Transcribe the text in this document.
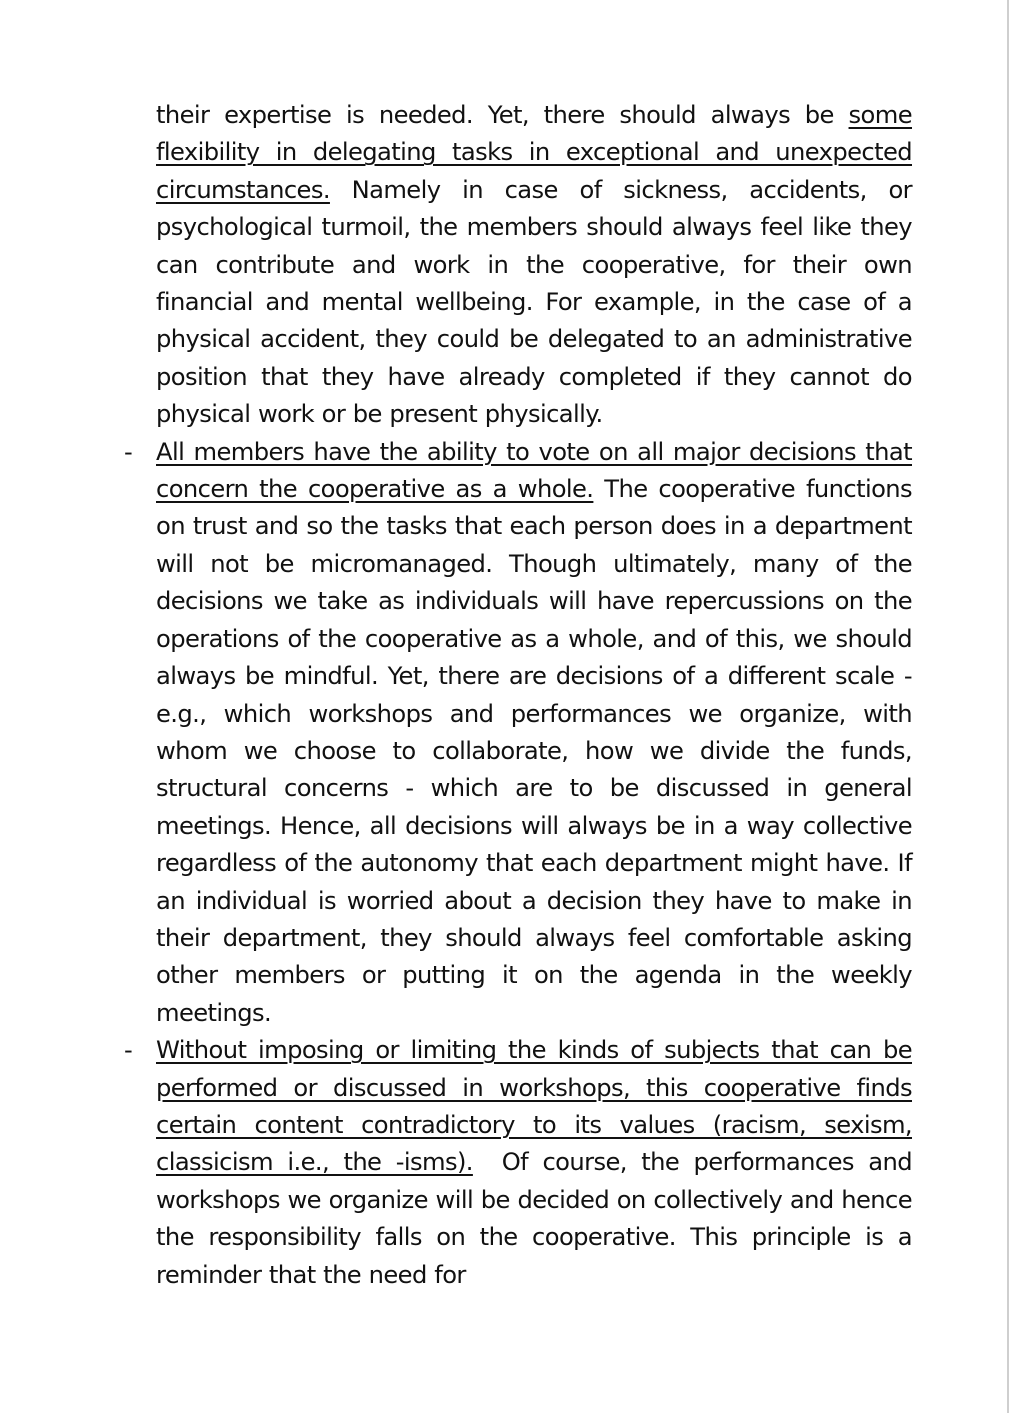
their expertise is needed. Yet, there should always be some flexibility in delegating tasks in exceptional and unexpected circumstances. Namely in case of sickness, accidents, or psychological turmoil, the members should always feel like they can contribute and work in the cooperative, for their own financial and mental wellbeing. For example, in the case of a physical accident, they could be delegated to an administrative position that they have already completed if they cannot do physical work or be present physically.

- All members have the ability to vote on all major decisions that concern the cooperative as a whole. The cooperative functions on trust and so the tasks that each person does in a department will not be micromanaged. Though ultimately, many of the decisions we take as individuals will have repercussions on the operations of the cooperative as a whole, and of this, we should always be mindful. Yet, there are decisions of a different scale - e.g., which workshops and performances we organize, with whom we choose to collaborate, how we divide the funds, structural concerns - which are to be discussed in general meetings. Hence, all decisions will always be in a way collective regardless of the autonomy that each department might have. If an individual is worried about a decision they have to make in their department, they should always feel comfortable asking other members or putting it on the agenda in the weekly meetings.

- Without imposing or limiting the kinds of subjects that can be performed or discussed in workshops, this cooperative finds certain content contradictory to its values (racism, sexism, classicism i.e., the -isms).  Of course, the performances and workshops we organize will be decided on collectively and hence the responsibility falls on the cooperative. This principle is a reminder that the need for
